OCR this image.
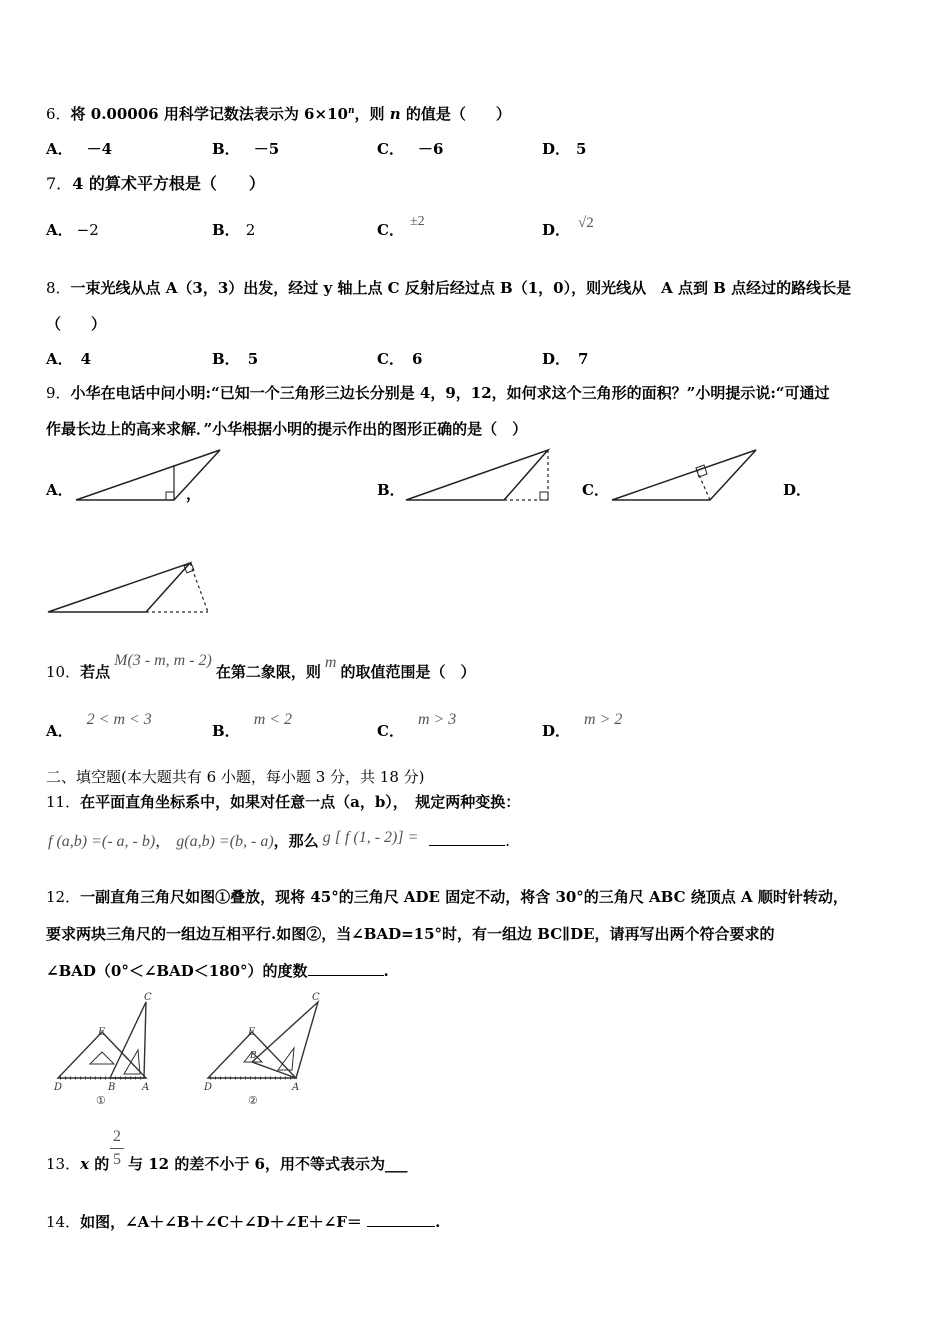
6．将 0.00006 用科学记数法表示为 $6\times 10^n$，则 n 的值是（　　）
A． －4	B． －5	C． －6	D． 5
7．4 的算术平方根是（　　）
A． −2	B． 2	C． ±2	D． √2
8．一束光线从点 A（3，3）出发，经过 y 轴上点 C 反射后经过点 B（1，0），则光线从　A 点到 B 点经过的路线长是
（　　）
A． 4	B． 5	C． 6	D． 7
9．小华在电话中问小明:“已知一个三角形三边长分别是 4，9，12，如何求这个三角形的面积？”小明提示说:“可通过
作最长边上的高来求解．”小华根据小明的提示作出的图形正确的是（　）
A．	，	B．	C．	D．
10．若点M(3 - m, m - 2)在第二象限，则m的取值范围是（　）
A．2 < m < 3
B．m < 2
C．m > 3
D．m > 2
二、填空题(本大题共有 6 小题，每小题 3 分，共 18 分)
11．在平面直角坐标系中，如果对任意一点（a，b），　规定两种变换：
f (a,b) =(- a, - b)， g(a,b) =(b, - a)，那么 g [ f (1, - 2)] =	.
12．一副直角三角尺如图①叠放，现将 45°的三角尺 ADE 固定不动，将含 30°的三角尺 ABC 绕顶点 A 顺时针转动，
要求两块三角尺的一组边互相平行.如图②，当∠BAD=15°时，有一组边 BC∥DE，请再写出两个符合要求的
∠BAD（0°＜∠BAD＜180°）的度数	.
C
E
D	B	A
①
C
E
D
B
A
②
13．x 的
2
5 与 12 的差不小于 6，用不等式表示为___
14．如图，∠A＋∠B＋∠C＋∠D＋∠E＋∠F＝	.
